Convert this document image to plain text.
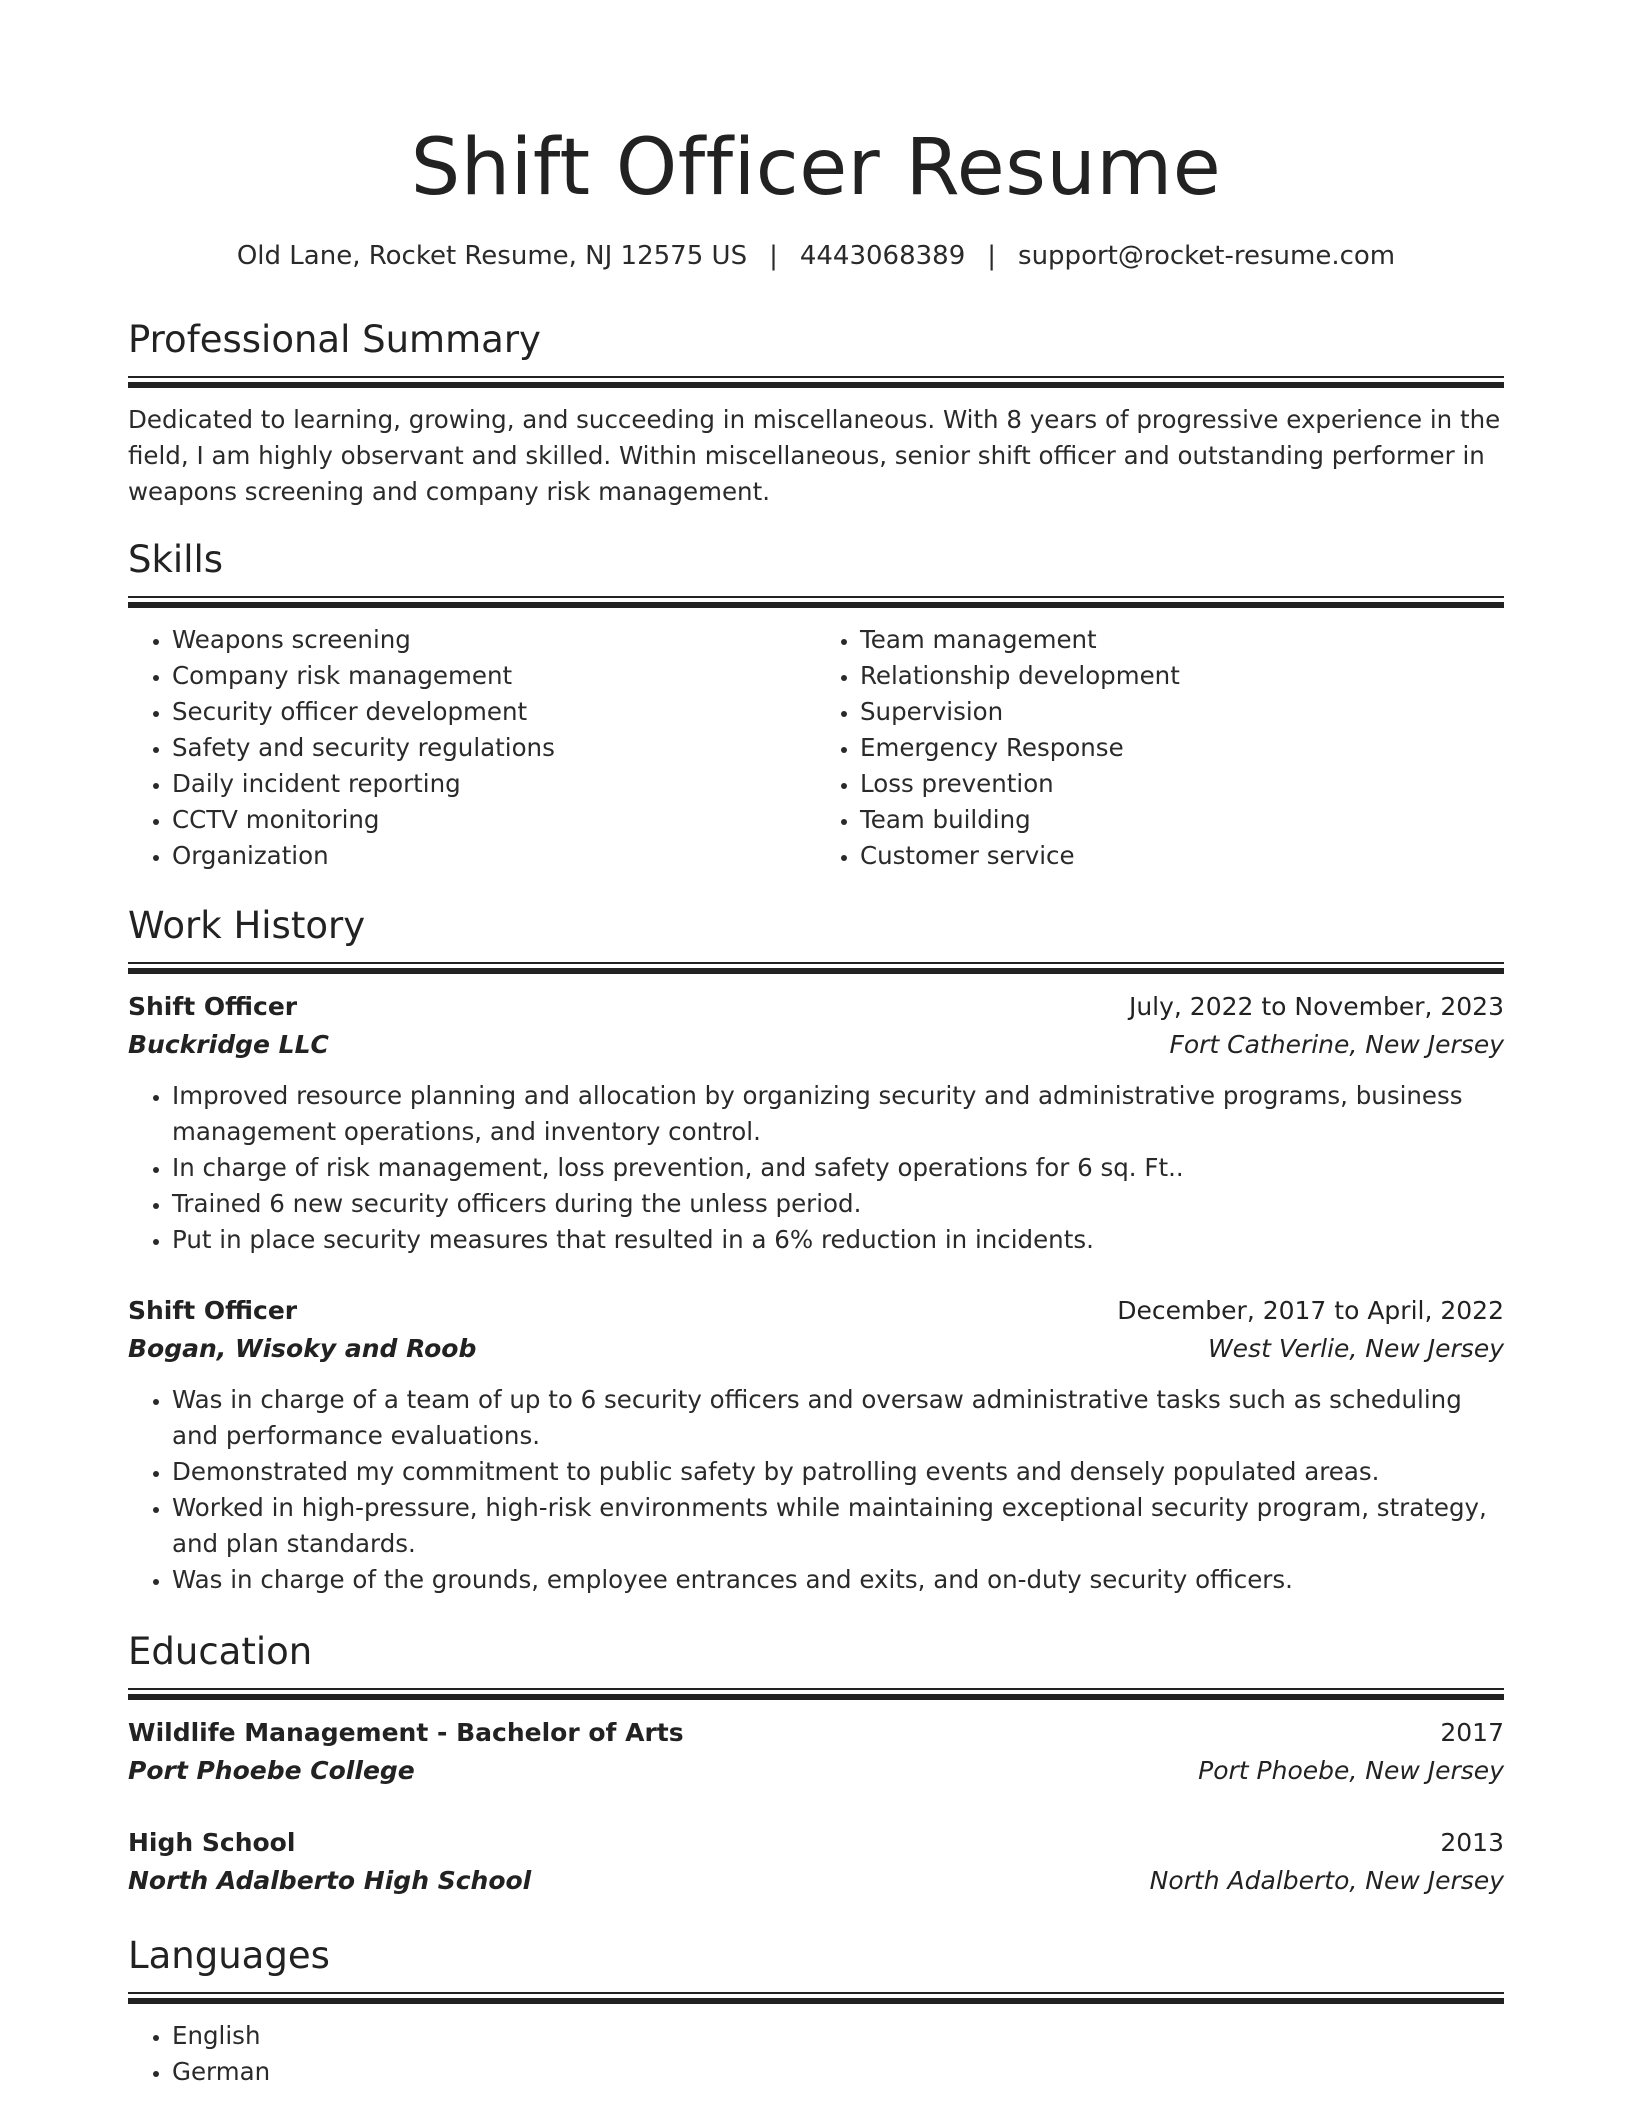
Shift Officer Resume
Old Lane, Rocket Resume, NJ 12575 US | 4443068389 | support@rocket-resume.com
Professional Summary
Dedicated to learning, growing, and succeeding in miscellaneous. With 8 years of progressive experience in the field, I am highly observant and skilled. Within miscellaneous, senior shift officer and outstanding performer in weapons screening and company risk management.
Skills
• Weapons screening
• Company risk management
• Security officer development
• Safety and security regulations
• Daily incident reporting
• CCTV monitoring
• Organization
• Team management
• Relationship development
• Supervision
• Emergency Response
• Loss prevention
• Team building
• Customer service
Work History
Shift Officer	July, 2022 to November, 2023
Buckridge LLC	Fort Catherine, New Jersey
• Improved resource planning and allocation by organizing security and administrative programs, business management operations, and inventory control.
• In charge of risk management, loss prevention, and safety operations for 6 sq. Ft..
• Trained 6 new security officers during the unless period.
• Put in place security measures that resulted in a 6% reduction in incidents.
Shift Officer	December, 2017 to April, 2022
Bogan, Wisoky and Roob	West Verlie, New Jersey
• Was in charge of a team of up to 6 security officers and oversaw administrative tasks such as scheduling and performance evaluations.
• Demonstrated my commitment to public safety by patrolling events and densely populated areas.
• Worked in high-pressure, high-risk environments while maintaining exceptional security program, strategy, and plan standards.
• Was in charge of the grounds, employee entrances and exits, and on-duty security officers.
Education
Wildlife Management - Bachelor of Arts	2017
Port Phoebe College	Port Phoebe, New Jersey
High School	2013
North Adalberto High School	North Adalberto, New Jersey
Languages
• English
• German
